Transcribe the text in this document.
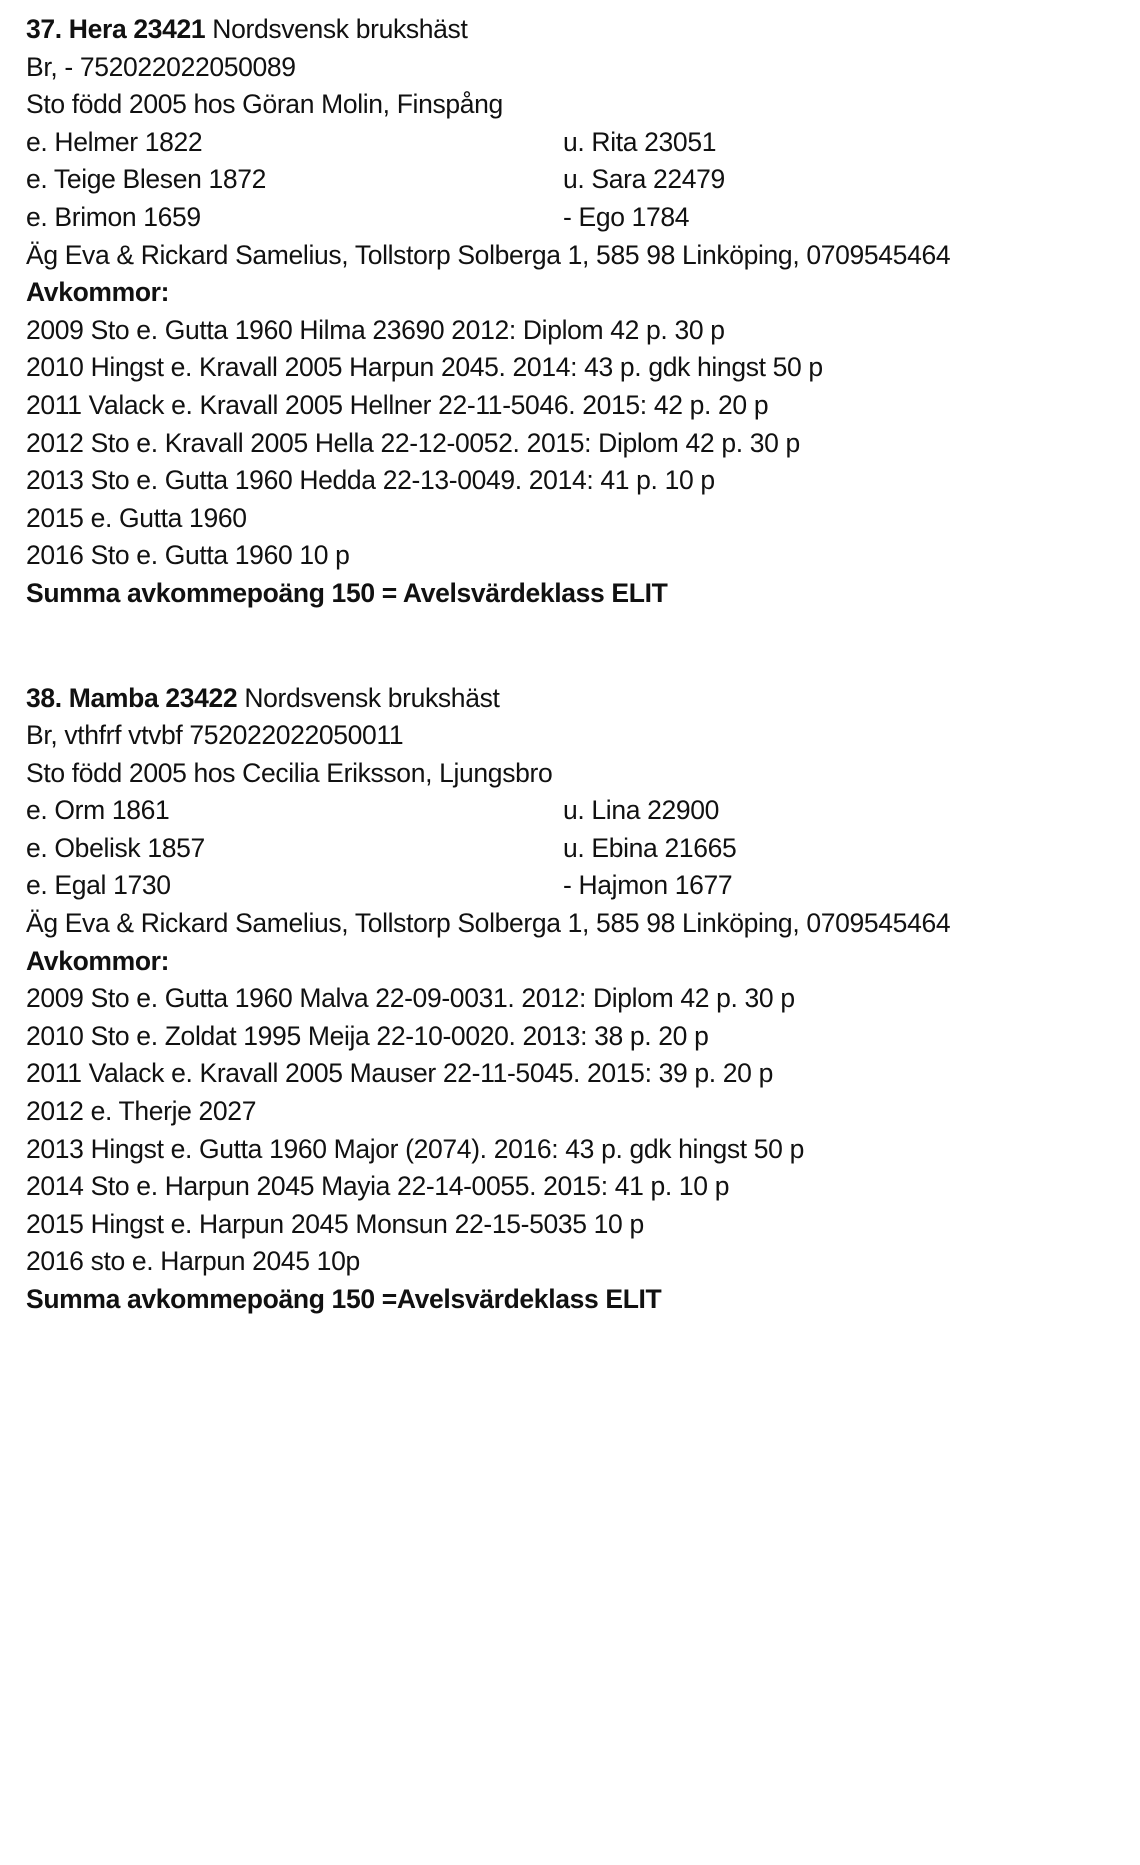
37. Hera 23421 Nordsvensk brukshäst
Br, - 752022022050089
Sto född 2005 hos Göran Molin, Finspång
e. Helmer 1822	u. Rita 23051
e. Teige Blesen 1872	u. Sara 22479
e. Brimon 1659	- Ego 1784
Äg Eva & Rickard Samelius, Tollstorp Solberga 1, 585 98 Linköping, 0709545464
Avkommor:
2009 Sto e. Gutta 1960 Hilma 23690 2012: Diplom 42 p. 30 p
2010 Hingst e. Kravall 2005 Harpun 2045. 2014: 43 p. gdk hingst 50 p
2011 Valack e. Kravall 2005 Hellner 22-11-5046. 2015: 42 p. 20 p
2012 Sto e. Kravall 2005 Hella 22-12-0052. 2015: Diplom 42 p. 30 p
2013 Sto e. Gutta 1960 Hedda 22-13-0049. 2014: 41 p. 10 p
2015 e. Gutta 1960
2016 Sto e. Gutta 1960 10 p
Summa avkommepoäng 150 = Avelsvärdeklass ELIT
38. Mamba 23422 Nordsvensk brukshäst
Br, vthfrf vtvbf 752022022050011
Sto född 2005 hos Cecilia Eriksson, Ljungsbro
e. Orm 1861	u. Lina 22900
e. Obelisk 1857	u. Ebina 21665
e. Egal 1730	- Hajmon 1677
Äg Eva & Rickard Samelius, Tollstorp Solberga 1, 585 98 Linköping, 0709545464
Avkommor:
2009 Sto e. Gutta 1960 Malva 22-09-0031. 2012: Diplom 42 p. 30 p
2010 Sto e. Zoldat 1995 Meija 22-10-0020. 2013: 38 p. 20 p
2011 Valack e. Kravall 2005 Mauser 22-11-5045. 2015: 39 p. 20 p
2012 e. Therje 2027
2013 Hingst e. Gutta 1960 Major (2074). 2016: 43 p. gdk hingst 50 p
2014 Sto e. Harpun 2045 Mayia 22-14-0055. 2015: 41 p. 10 p
2015 Hingst e. Harpun 2045 Monsun 22-15-5035 10 p
2016 sto e. Harpun 2045 10p
Summa avkommepoäng 150 =Avelsvärdeklass ELIT
